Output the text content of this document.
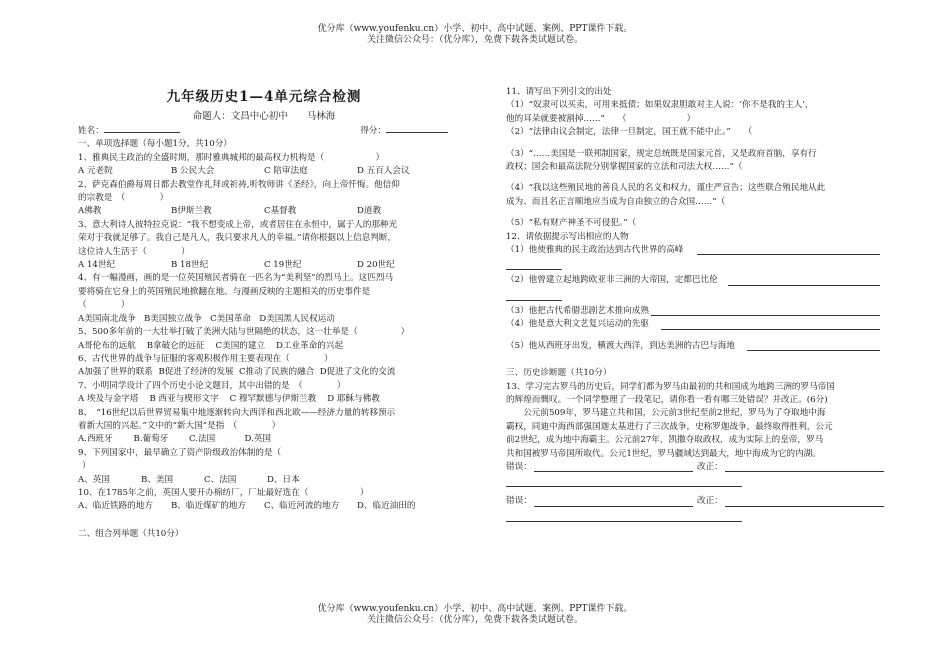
优分库（www.youfenku.cn）小学、初中、高中试题、案例、PPT课件下载。
关注微信公众号：（优分库），免费下载各类试题试卷。
九年级历史1—4单元综合检测
命题人：文昌中心初中　　马林海
姓名：	得分：
一、单项选择题（每小题1分，共10分）
1、雅典民主政治的全盛时期，那时雅典城邦的最高权力机构是（　　　　　　）
A 元老院	B 公民大会	C 陪审法庭	D 五百人会议
2、萨克森伯爵每周日都去教堂作礼拜或祈祷,听牧师讲《圣经》，向上帝忏悔。他信仰
的宗教是　（　　　　）
A佛教	B伊斯兰教	C基督教	D道教
3、意大利诗人彼特拉克说：“我不想变成上帝，或者居住在永恒中，属于人的那种光
荣对于我就足够了。我自己是凡人，我只要求凡人的幸福。”请你根据以上信息判断，
这位诗人生活于（　　　　）
A 14世纪	B 18世纪	C 19世纪	D 20世纪
4、有一幅漫画，画的是一位英国殖民者骑在一匹名为“美利坚”的烈马上。这匹烈马
要将骑在它身上的英国殖民地掀翻在地。与漫画反映的主题相关的历史事件是
（　　　　）
A美国南北战争 B美国独立战争 C美国革命 D美国黑人民权运动
5、500多年前的一大壮举打破了美洲大陆与世隔绝的状态，这一壮举是（　　　　　）
A哥伦布的远航 B拿破仑的远征 C美国的建立 D工业革命的兴起
6、古代世界的战争与征服的客观积极作用主要表现在（　　　　）
A加强了世界的联系 B促进了经济的发展 C推动了民族的融合 D促进了文化的交流
7、小明同学设计了四个历史小论文题目，其中出错的是　（　　　　）
A 埃及与金字塔 B 西亚与楔形文字 C 穆罕默德与伊斯兰教 D 耶稣与佛教
8、　“16世纪以后世界贸易集中地逐渐转向大西洋和西北欧——经济力量的转移预示
着新大国的兴起。”文中的“新大国”是指　（　　　　）
A.西班牙	B.葡萄牙	C.法国	D.英国
9、下列国家中，最早确立了资产阶级政治体制的是（
）
A、英国	B、美国	C、法国	D、日本
10、在1785年之前，英国人要开办棉纺厂，厂址最好选在（　　　　　　）
A、临近铁路的地方	B、临近煤矿的地方	C、临近河流的地方	D、临近油田的
二、组合列举题（共10分）
11、请写出下列引文的出处
（1）“奴隶可以买卖，可用来抵债；如果奴隶胆敢对主人说：‘你不是我的主人’，
他的耳朵就要被割掉……”　　（　　　　　　　）
（2）“法律由议会制定，法律一旦制定，国王就不能中止。”　　（
（3）“……美国是一联邦制国家，规定总统既是国家元首，又是政府首脑，享有行
政权；国会和最高法院分别掌握国家的立法和司法大权……”（
（4）“我以这些殖民地的善良人民的名义和权力，谨庄严宣告；这些联合殖民地从此
成为、而且名正言顺地应当成为自由独立的合众国……”（
（5）“私有财产神圣不可侵犯。”（
12、请依据提示写出相应的人物
（1）他使雅典的民主政治达到古代世界的高峰
（2）他曾建立起地跨欧亚非三洲的大帝国，定都巴比伦
（3）他把古代希腊悲剧艺术推向成熟
（4）他是意大利文艺复兴运动的先驱
（5）他从西班牙出发，横渡大西洋，到达美洲的古巴与海地
三、历史诊断题（共10分）
13、学习完古罗马的历史后，同学们都为罗马由最初的共和国成为地跨三洲的罗马帝国
的辉煌而慨叹。一个同学整理了一段笔记，请你看一看有哪三处错误？并改正。(6分)
公元前509年，罗马建立共和国，公元前3世纪至前2世纪，罗马为了夺取地中海
霸权，同迪中海西部强国迦太基进行了三次战争，史称罗迦战争，最终取得胜利，公元
前2世纪，成为地中海霸主。公元前27年，凯撒夺取政权，成为实际上的皇帝，罗马
共和国被罗马帝国所取代。公元1世纪，罗马疆域达到最大，地中海成为它的内湖。
错误：	改正：
错误：	改正：
优分库（www.youfenku.cn）小学、初中、高中试题、案例、PPT课件下载。
关注微信公众号：（优分库），免费下载各类试题试卷。
